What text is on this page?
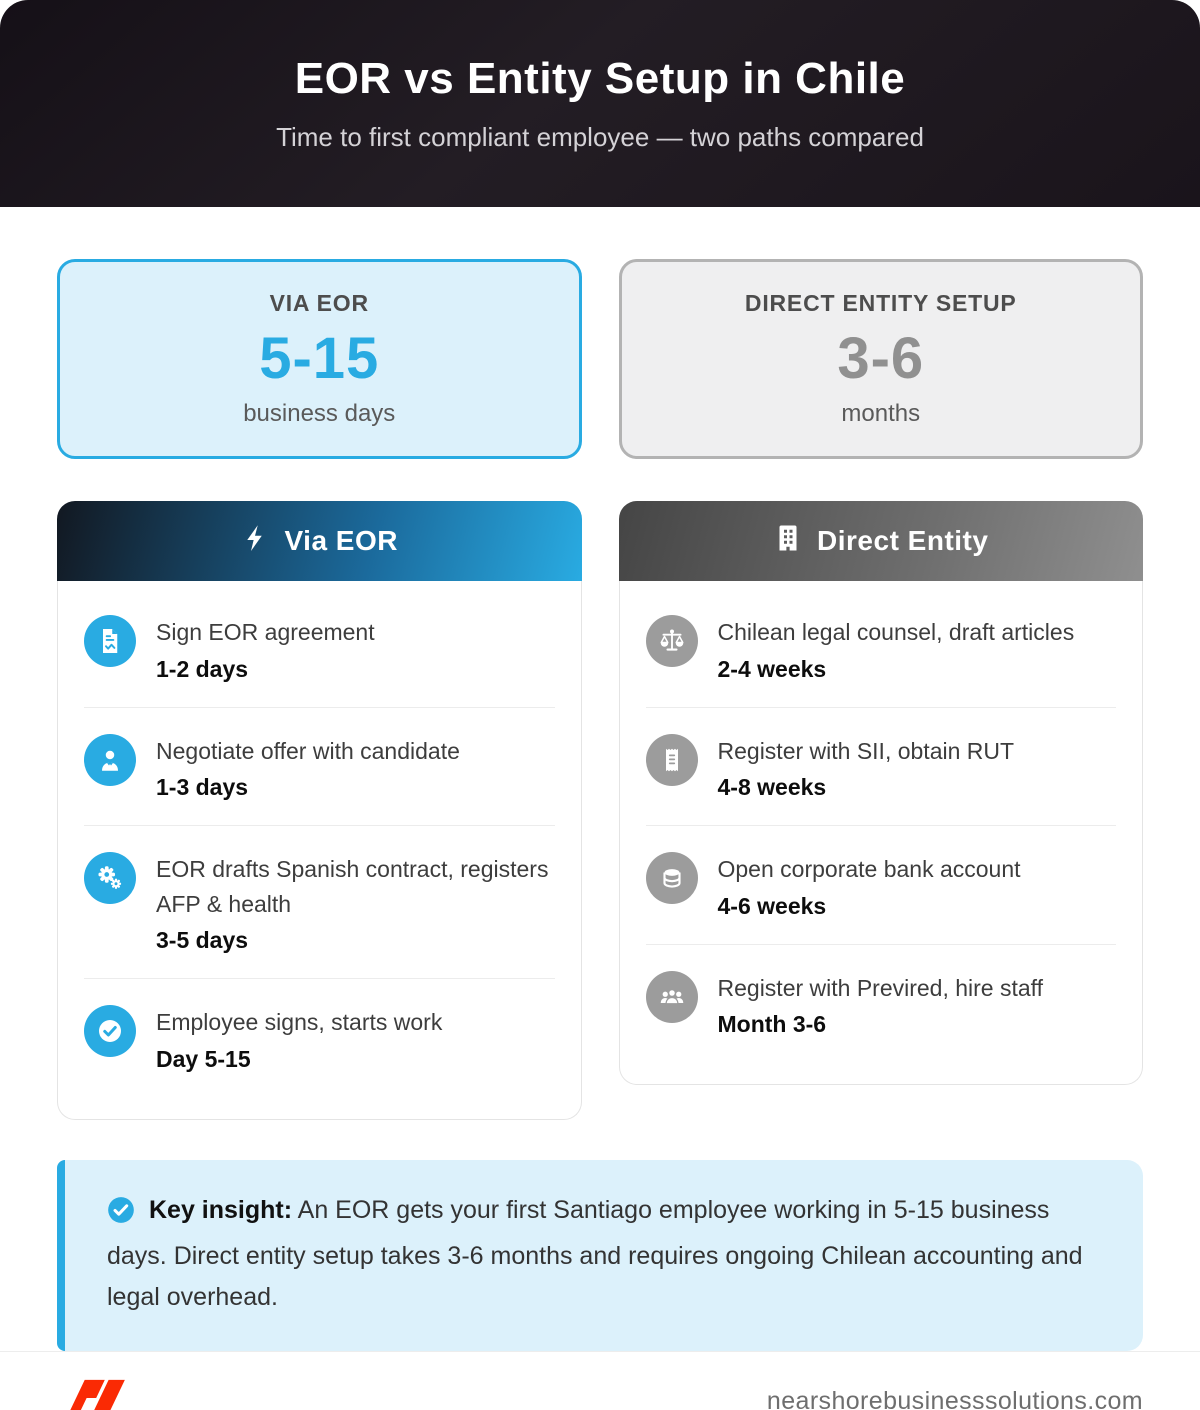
EOR vs Entity Setup in Chile
Time to first compliant employee — two paths compared
VIA EOR
5-15
business days
DIRECT ENTITY SETUP
3-6
months
Via EOR
Sign EOR agreement
1-2 days
Negotiate offer with candidate
1-3 days
EOR drafts Spanish contract, registers AFP & health
3-5 days
Employee signs, starts work
Day 5-15
Direct Entity
Chilean legal counsel, draft articles
2-4 weeks
Register with SII, obtain RUT
4-8 weeks
Open corporate bank account
4-6 weeks
Register with Previred, hire staff
Month 3-6

Key insight: An EOR gets your first Santiago employee working in 5-15 business days. Direct entity setup takes 3-6 months and requires ongoing Chilean accounting and legal overhead.

nearshorebusinesssolutions.com
